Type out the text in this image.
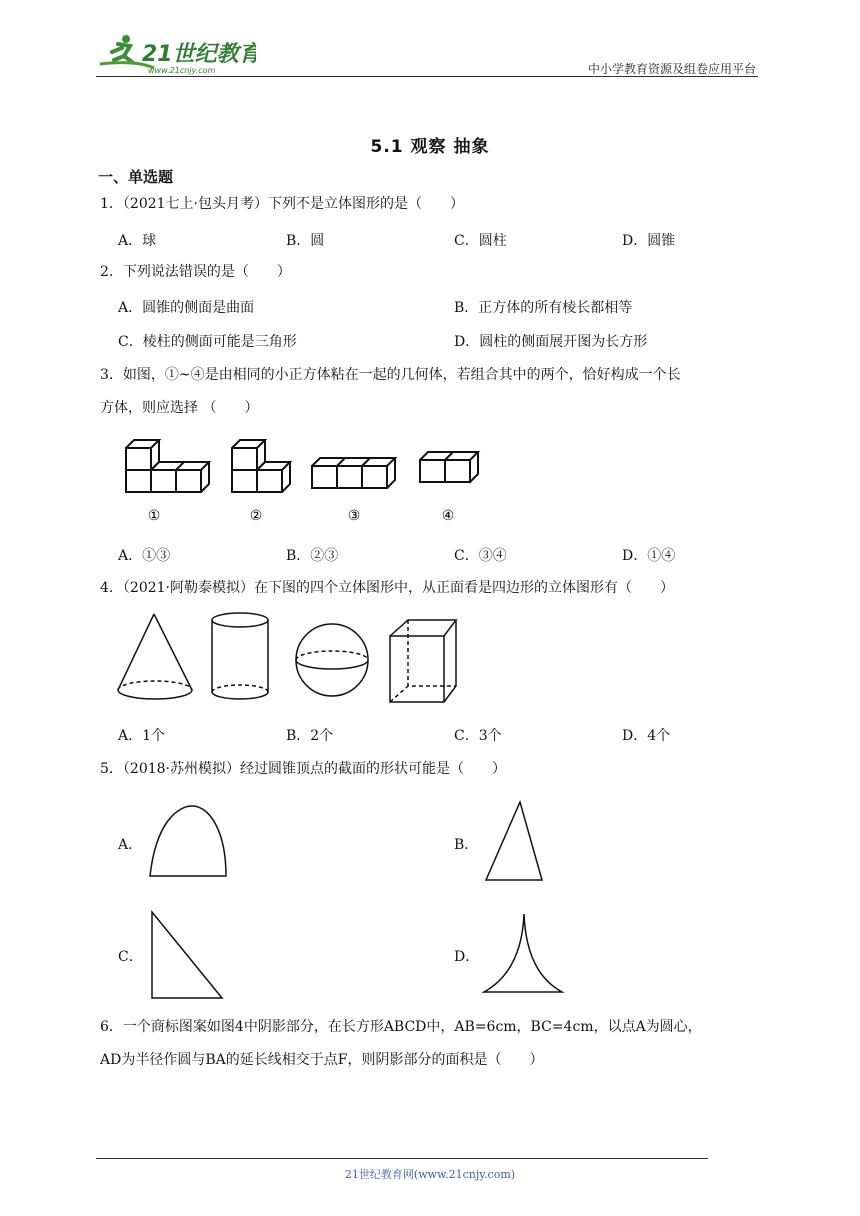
21世纪教育
www.21cnjy.com	中小学教育资源及组卷应用平台
5.1 观察 抽象
一、单选题
1．（2021七上·包头月考）下列不是立体图形的是（　　）
A．球	B．圆	C．圆柱	D．圆锥
2．下列说法错误的是（　　）
A．圆锥的侧面是曲面	B．正方体的所有棱长都相等
C．棱柱的侧面可能是三角形	D．圆柱的侧面展开图为长方形
3．如图，①~④是由相同的小正方体粘在一起的几何体，若组合其中的两个，恰好构成一个长
方体，则应选择 （　　）
①	②	③	④
A．①③	B．②③	C．③④	D．①④
4．（2021·阿勒泰模拟）在下图的四个立体图形中，从正面看是四边形的立体图形有（　　）
A．1个	B．2个	C．3个	D．4个
5．（2018·苏州模拟）经过圆锥顶点的截面的形状可能是（　　）
A．	B．
C．	D．
6．一个商标图案如图4中阴影部分，在长方形ABCD中，AB=6cm，BC=4cm，以点A为圆心，
AD为半径作圆与BA的延长线相交于点F，则阴影部分的面积是（　　）
21世纪教育网(www.21cnjy.com)
